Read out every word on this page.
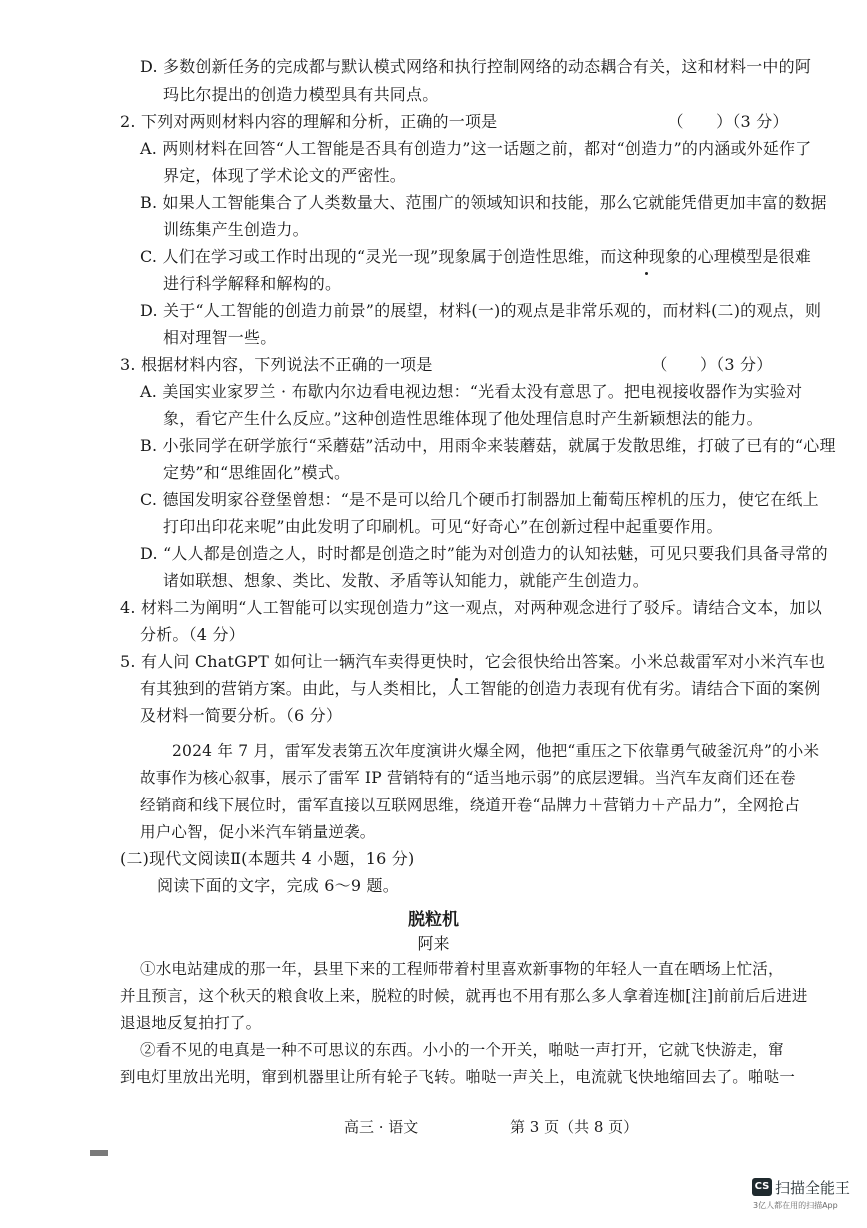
D. 多数创新任务的完成都与默认模式网络和执行控制网络的动态耦合有关，这和材料一中的阿
玛比尔提出的创造力模型具有共同点。
2. 下列对两则材料内容的理解和分析，正确的一项是　　　　　　　　　　　（　　）（3 分）
A. 两则材料在回答“人工智能是否具有创造力”这一话题之前，都对“创造力”的内涵或外延作了
界定，体现了学术论文的严密性。
B. 如果人工智能集合了人类数量大、范围广的领域知识和技能，那么它就能凭借更加丰富的数据
训练集产生创造力。
C. 人们在学习或工作时出现的“灵光一现”现象属于创造性思维，而这种现象的心理模型是很难
进行科学解释和解构的。
D. 关于“人工智能的创造力前景”的展望，材料(一)的观点是非常乐观的，而材料(二)的观点，则
相对理智一些。
3. 根据材料内容，下列说法不正确的一项是　　　　　　　　　　　　　　（　　）（3 分）
A. 美国实业家罗兰 · 布歇内尔边看电视边想：“光看太没有意思了。把电视接收器作为实验对
象，看它产生什么反应。”这种创造性思维体现了他处理信息时产生新颖想法的能力。
B. 小张同学在研学旅行“采蘑菇”活动中，用雨伞来装蘑菇，就属于发散思维，打破了已有的“心理
定势”和“思维固化”模式。
C. 德国发明家谷登堡曾想：“是不是可以给几个硬币打制器加上葡萄压榨机的压力，使它在纸上
打印出印花来呢”由此发明了印刷机。可见“好奇心”在创新过程中起重要作用。
D. “人人都是创造之人，时时都是创造之时”能为对创造力的认知祛魅，可见只要我们具备寻常的
诸如联想、想象、类比、发散、矛盾等认知能力，就能产生创造力。
4. 材料二为阐明“人工智能可以实现创造力”这一观点，对两种观念进行了驳斥。请结合文本，加以
分析。（4 分）
5. 有人问 ChatGPT 如何让一辆汽车卖得更快时，它会很快给出答案。小米总裁雷军对小米汽车也
有其独到的营销方案。由此，与人类相比，人工智能的创造力表现有优有劣。请结合下面的案例
及材料一简要分析。（6 分）
2024 年 7 月，雷军发表第五次年度演讲火爆全网，他把“重压之下依靠勇气破釜沉舟”的小米
故事作为核心叙事，展示了雷军 IP 营销特有的“适当地示弱”的底层逻辑。当汽车友商们还在卷
经销商和线下展位时，雷军直接以互联网思维，绕道开卷“品牌力＋营销力＋产品力”，全网抢占
用户心智，促小米汽车销量逆袭。
(二)现代文阅读Ⅱ(本题共 4 小题，16 分)
阅读下面的文字，完成 6～9 题。
脱粒机
阿来
①水电站建成的那一年，县里下来的工程师带着村里喜欢新事物的年轻人一直在晒场上忙活，
并且预言，这个秋天的粮食收上来，脱粒的时候，就再也不用有那么多人拿着连枷[注]前前后后进进
退退地反复拍打了。
②看不见的电真是一种不可思议的东西。小小的一个开关，啪哒一声打开，它就飞快游走，窜
到电灯里放出光明，窜到机器里让所有轮子飞转。啪哒一声关上，电流就飞快地缩回去了。啪哒一
高三 · 语文	第 3 页（共 8 页）
CS 扫描全能王
3亿人都在用的扫描App
